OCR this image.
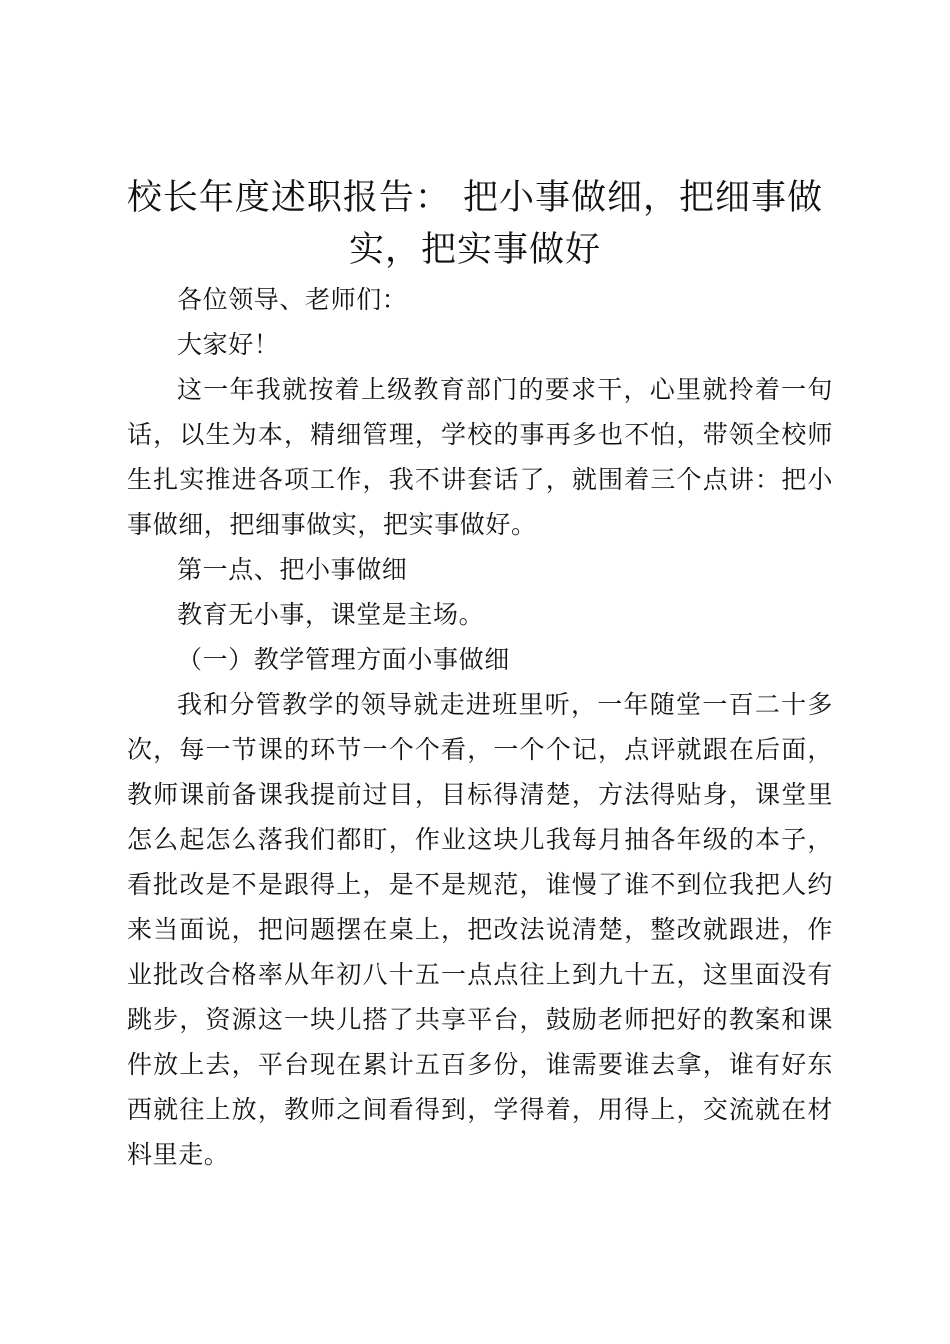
校长年度述职报告： 把小事做细，把细事做实，把实事做好

各位领导、老师们：

大家好！

这一年我就按着上级教育部门的要求干，心里就拎着一句话，以生为本，精细管理，学校的事再多也不怕，带领全校师生扎实推进各项工作，我不讲套话了，就围着三个点讲：把小事做细，把细事做实，把实事做好。

第一点、把小事做细

教育无小事，课堂是主场。

（一）教学管理方面小事做细

我和分管教学的领导就走进班里听，一年随堂一百二十多次，每一节课的环节一个个看，一个个记，点评就跟在后面，教师课前备课我提前过目，目标得清楚，方法得贴身，课堂里怎么起怎么落我们都盯，作业这块儿我每月抽各年级的本子，看批改是不是跟得上，是不是规范，谁慢了谁不到位我把人约来当面说，把问题摆在桌上，把改法说清楚，整改就跟进，作业批改合格率从年初八十五一点点往上到九十五，这里面没有跳步，资源这一块儿搭了共享平台，鼓励老师把好的教案和课件放上去，平台现在累计五百多份，谁需要谁去拿，谁有好东西就往上放，教师之间看得到，学得着，用得上，交流就在材料里走。
